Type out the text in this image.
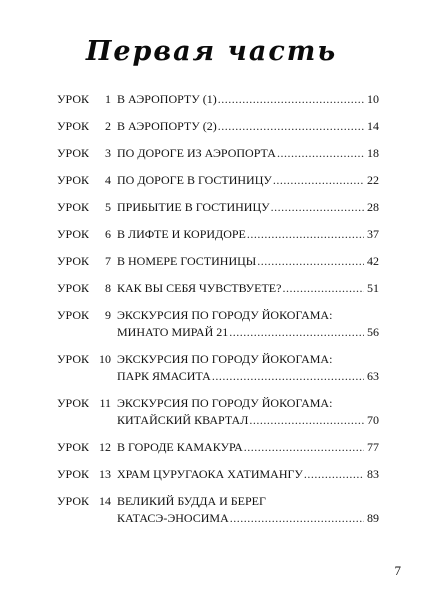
Первая часть
УРОК	1 В АЭРОПОРТУ (1) .....	10
УРОК	2 В АЭРОПОРТУ (2) .....	14
УРОК	3 ПО ДОРОГЕ ИЗ АЭРОПОРТА .....	18
УРОК	4 ПО ДОРОГЕ В ГОСТИНИЦУ .....	22
УРОК	5 ПРИБЫТИЕ В ГОСТИНИЦУ .....	28
УРОК	6 В ЛИФТЕ И КОРИДОРЕ .....	37
УРОК	7 В НОМЕРЕ ГОСТИНИЦЫ .....	42
УРОК	8 КАК ВЫ СЕБЯ ЧУВСТВУЕТЕ? .....	51
УРОК	9 ЭКСКУРСИЯ ПО ГОРОДУ ЙОКОГАМА:
МИНАТО МИРАЙ 21 .....	56
УРОК 10 ЭКСКУРСИЯ ПО ГОРОДУ ЙОКОГАМА:
ПАРК ЯМАСИТА .....	63
УРОК 11 ЭКСКУРСИЯ ПО ГОРОДУ ЙОКОГАМА:
КИТАЙСКИЙ КВАРТАЛ .....	70
УРОК 12 В ГОРОДЕ КАМАКУРА .....	77
УРОК 13 ХРАМ ЦУРУГАОКА ХАТИМАНГУ .....	83
УРОК 14 ВЕЛИКИЙ БУДДА И БЕРЕГ
КАТАСЭ-ЭНОСИМА .....	89
7
